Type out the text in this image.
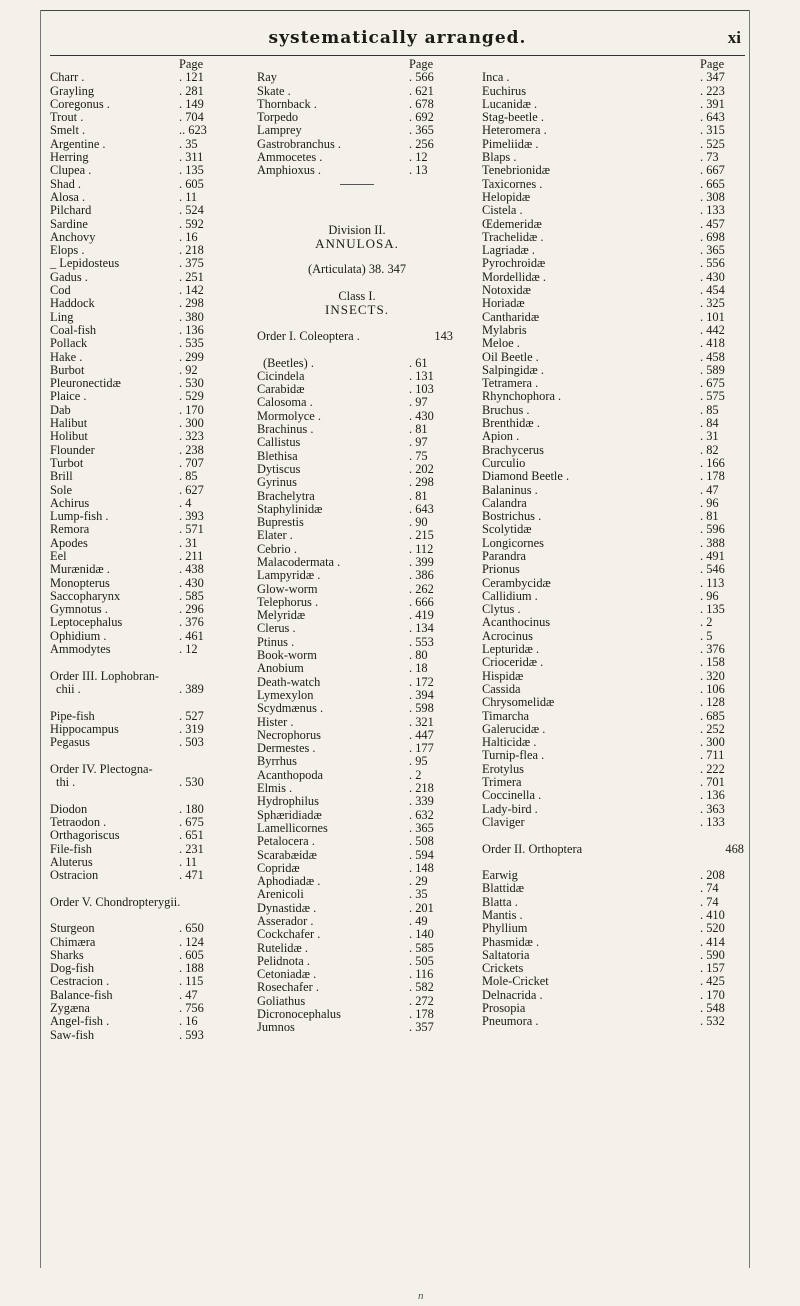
systematically arranged.	xi
Page
Charr .	. 121
Grayling	. 281
Coregonus .	. 149
Trout .	. 704
Smelt .	.. 623
Argentine .	. 35
Herring	. 311
Clupea .	. 135
Shad .	. 605
Alosa .	. 11
Pilchard	. 524
Sardine	. 592
Anchovy	. 16
Elops .	. 218
_ Lepidosteus	. 375
Gadus .	. 251
Cod	. 142
Haddock	. 298
Ling	. 380
Coal-fish	. 136
Pollack	. 535
Hake .	. 299
Burbot	. 92
Pleuronectidæ	. 530
Plaice .	. 529
Dab	. 170
Halibut	. 300
Holibut	. 323
Flounder	. 238
Turbot	. 707
Brill	. 85
Sole	. 627
Achirus	. 4
Lump-fish .	. 393
Remora	. 571
Apodes	. 31
Eel	. 211
Murænidæ .	. 438
Monopterus	. 430
Saccopharynx	. 585
Gymnotus .	. 296
Leptocephalus	. 376
Ophidium .	. 461
Ammodytes	. 12
Order III. Lophobran-
chii .	. 389
Pipe-fish	. 527
Hippocampus	. 319
Pegasus	. 503
Order IV. Plectogna-
thi .	. 530
Diodon	. 180
Tetraodon .	. 675
Orthagoriscus	. 651
File-fish	. 231
Aluterus	. 11
Ostracion	. 471
Order V. Chondropterygii.
Sturgeon	. 650
Chimæra	. 124
Sharks	. 605
Dog-fish	. 188
Cestracion .	. 115
Balance-fish	. 47
Zygæna	. 756
Angel-fish .	. 16
Saw-fish	. 593
Page
Ray	. 566
Skate .	. 621
Thornback .	. 678
Torpedo	. 692
Lamprey	. 365
Gastrobranchus .	. 256
Ammocetes .	. 12
Amphioxus .	. 13
Division II.
ANNULOSA.
(Articulata) 38. 347
Class I.
INSECTS.
Order I. Coleoptera .	143
(Beetles) .	. 61
Cicindela	. 131
Carabidæ	. 103
Calosoma .	. 97
Mormolyce .	. 430
Brachinus .	. 81
Callistus	. 97
Blethisa	. 75
Dytiscus	. 202
Gyrinus	. 298
Brachelytra	. 81
Staphylinidæ	. 643
Buprestis	. 90
Elater .	. 215
Cebrio .	. 112
Malacodermata .	. 399
Lampyridæ .	. 386
Glow-worm	. 262
Telephorus .	. 666
Melyridæ	. 419
Clerus .	. 134
Ptinus .	. 553
Book-worm	. 80
Anobium	. 18
Death-watch	. 172
Lymexylon	. 394
Scydmænus .	. 598
Hister .	. 321
Necrophorus	. 447
Dermestes .	. 177
Byrrhus	. 95
Acanthopoda	. 2
Elmis .	. 218
Hydrophilus	. 339
Sphæridiadæ	. 632
Lamellicornes	. 365
Petalocera .	. 508
Scarabæidæ	. 594
Copridæ	. 148
Aphodiadæ .	. 29
Arenicoli	. 35
Dynastidæ .	. 201
Asserador .	. 49
Cockchafer .	. 140
Rutelidæ .	. 585
Pelidnota .	. 505
Cetoniadæ .	. 116
Rosechafer .	. 582
Goliathus	. 272
Dicronocephalus	. 178
Jumnos	. 357
Page
Inca .	. 347
Euchirus	. 223
Lucanidæ .	. 391
Stag-beetle .	. 643
Heteromera .	. 315
Pimeliidæ .	. 525
Blaps .	. 73
Tenebrionidæ	. 667
Taxicornes .	. 665
Helopidæ	. 308
Cistela .	. 133
Œdemeridæ	. 457
Trachelidæ .	. 698
Lagriadæ .	. 365
Pyrochroidæ	. 556
Mordellidæ .	. 430
Notoxidæ	. 454
Horiadæ	. 325
Cantharidæ	. 101
Mylabris	. 442
Meloe .	. 418
Oil Beetle .	. 458
Salpingidæ .	. 589
Tetramera .	. 675
Rhynchophora .	. 575
Bruchus .	. 85
Brenthidæ .	. 84
Apion .	. 31
Brachycerus	. 82
Curculio	. 166
Diamond Beetle .	. 178
Balaninus .	. 47
Calandra	. 96
Bostrichus .	. 81
Scolytidæ	. 596
Longicornes	. 388
Parandra	. 491
Prionus	. 546
Cerambycidæ	. 113
Callidium .	. 96
Clytus .	. 135
Acanthocinus	. 2
Acrocinus	. 5
Lepturidæ .	. 376
Crioceridæ .	. 158
Hispidæ	. 320
Cassida	. 106
Chrysomelidæ	. 128
Timarcha	. 685
Galerucidæ .	. 252
Halticidæ .	. 300
Turnip-flea .	. 711
Erotylus	. 222
Trimera	. 701
Coccinella .	. 136
Lady-bird .	. 363
Claviger	. 133
Order II. Orthoptera	468
Earwig	. 208
Blattidæ	. 74
Blatta .	. 74
Mantis .	. 410
Phyllium	. 520
Phasmidæ .	. 414
Saltatoria	. 590
Crickets	. 157
Mole-Cricket	. 425
Delnacrida .	. 170
Prosopia	. 548
Pneumora .	. 532
n
